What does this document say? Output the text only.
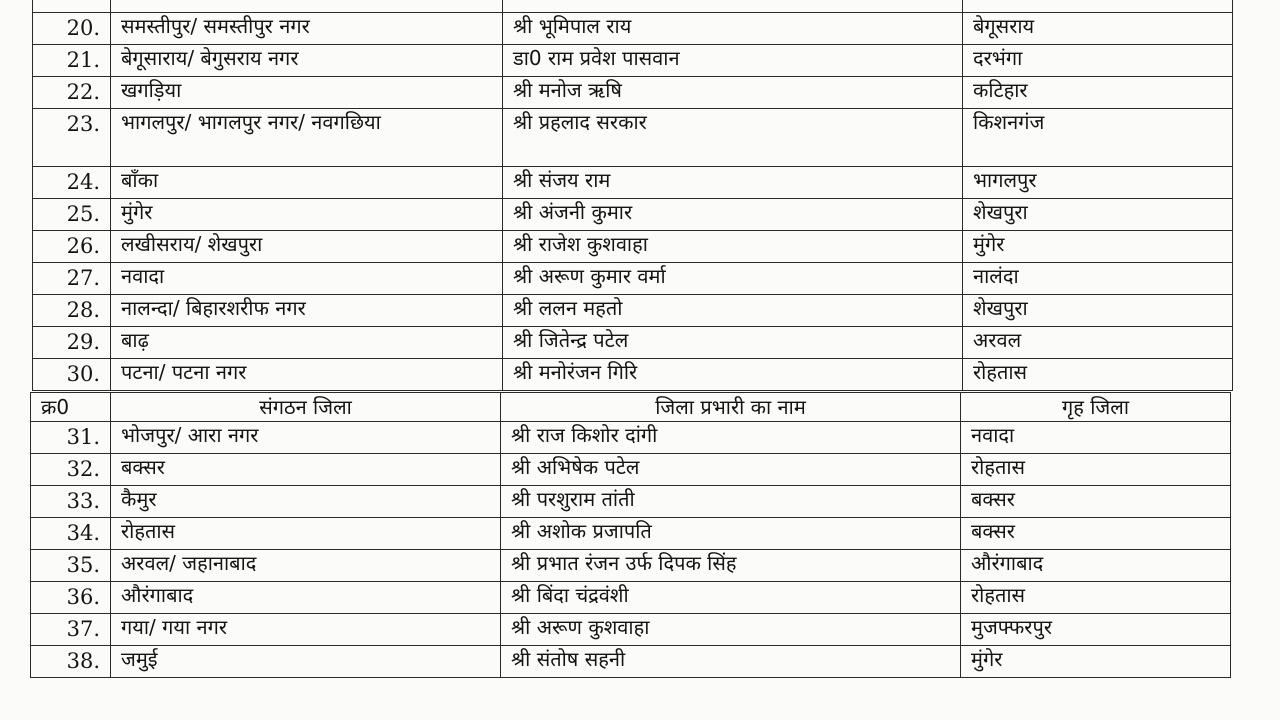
20.	समस्तीपुर/ समस्तीपुर नगर	श्री भूमिपाल राय	बेगूसराय
21.	बेगूसाराय/ बेगुसराय नगर	डा0 राम प्रवेश पासवान	दरभंगा
22.	खगड़िया	श्री मनोज ऋषि	कटिहार
23.	भागलपुर/ भागलपुर नगर/ नवगछिया	श्री प्रहलाद सरकार	किशनगंज
24.	बाँका	श्री संजय राम	भागलपुर
25.	मुंगेर	श्री अंजनी कुमार	शेखपुरा
26.	लखीसराय/ शेखपुरा	श्री राजेश कुशवाहा	मुंगेर
27.	नवादा	श्री अरूण कुमार वर्मा	नालंदा
28.	नालन्दा/ बिहारशरीफ नगर	श्री ललन महतो	शेखपुरा
29.	बाढ़	श्री जितेन्द्र पटेल	अरवल
30.	पटना/ पटना नगर	श्री मनोरंजन गिरि	रोहतास
क्र0	संगठन जिला	जिला प्रभारी का नाम	गृह जिला
31.	भोजपुर/ आरा नगर	श्री राज किशोर दांगी	नवादा
32.	बक्सर	श्री अभिषेक पटेल	रोहतास
33.	कैमुर	श्री परशुराम तांती	बक्सर
34.	रोहतास	श्री अशोक प्रजापति	बक्सर
35.	अरवल/ जहानाबाद	श्री प्रभात रंजन उर्फ दिपक सिंह	औरंगाबाद
36.	औरंगाबाद	श्री बिंदा चंद्रवंशी	रोहतास
37.	गया/ गया नगर	श्री अरूण कुशवाहा	मुजफ्फरपुर
38.	जमुई	श्री संतोष सहनी	मुंगेर
